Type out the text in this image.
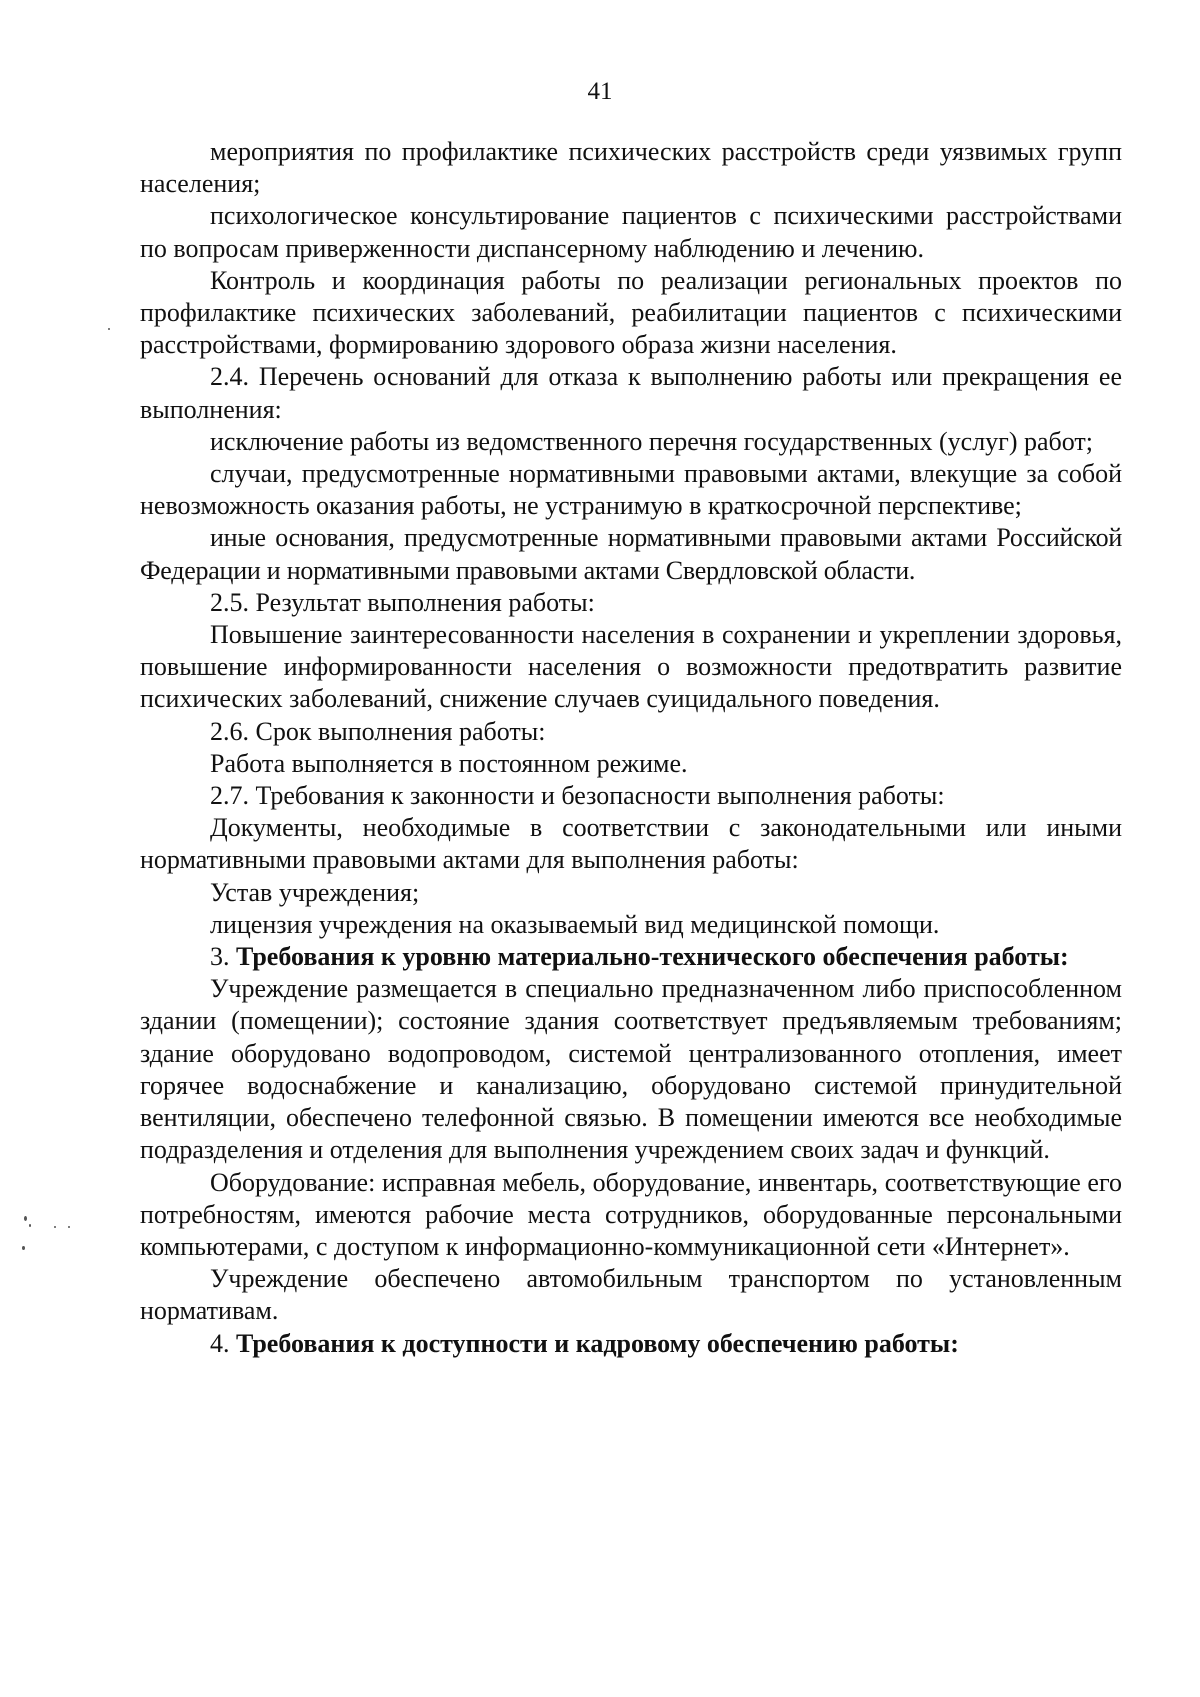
41

мероприятия по профилактике психических расстройств среди уязвимых групп населения;

психологическое консультирование пациентов с психическими расстройствами по вопросам приверженности диспансерному наблюдению и лечению.

Контроль и координация работы по реализации региональных проектов по профилактике психических заболеваний, реабилитации пациентов с психическими расстройствами, формированию здорового образа жизни населения.

2.4. Перечень оснований для отказа к выполнению работы или прекращения ее выполнения:

исключение работы из ведомственного перечня государственных (услуг) работ;

случаи, предусмотренные нормативными правовыми актами, влекущие за собой невозможность оказания работы, не устранимую в краткосрочной перспективе;

иные основания, предусмотренные нормативными правовыми актами Российской Федерации и нормативными правовыми актами Свердловской области.

2.5. Результат выполнения работы:

Повышение заинтересованности населения в сохранении и укреплении здоровья, повышение информированности населения о возможности предотвратить развитие психических заболеваний, снижение случаев суицидального поведения.

2.6. Срок выполнения работы:

Работа выполняется в постоянном режиме.

2.7. Требования к законности и безопасности выполнения работы:

Документы, необходимые в соответствии с законодательными или иными нормативными правовыми актами для выполнения работы:

Устав учреждения;

лицензия учреждения на оказываемый вид медицинской помощи.

3. Требования к уровню материально-технического обеспечения работы:

Учреждение размещается в специально предназначенном либо приспособленном здании (помещении); состояние здания соответствует предъявляемым требованиям; здание оборудовано водопроводом, системой централизованного отопления, имеет горячее водоснабжение и канализацию, оборудовано системой принудительной вентиляции, обеспечено телефонной связью. В помещении имеются все необходимые подразделения и отделения для выполнения учреждением своих задач и функций.

Оборудование: исправная мебель, оборудование, инвентарь, соответствующие его потребностям, имеются рабочие места сотрудников, оборудованные персональными компьютерами, с доступом к информационно-коммуникационной сети «Интернет».

Учреждение обеспечено автомобильным транспортом по установленным нормативам.

4. Требования к доступности и кадровому обеспечению работы:
